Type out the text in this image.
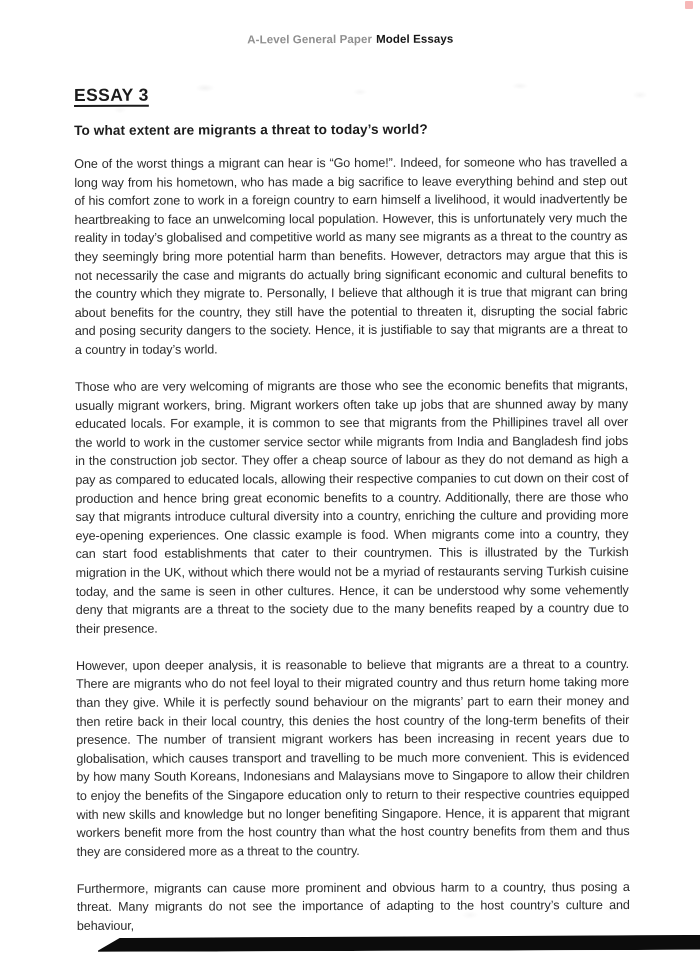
A-Level General Paper Model Essays
ESSAY 3
To what extent are migrants a threat to today’s world?

One of the worst things a migrant can hear is “Go home!”. Indeed, for someone who has travelled a long way from his hometown, who has made a big sacrifice to leave everything behind and step out of his comfort zone to work in a foreign country to earn himself a livelihood, it would inadvertently be heartbreaking to face an unwelcoming local population. However, this is unfortunately very much the reality in today’s globalised and competitive world as many see migrants as a threat to the country as they seemingly bring more potential harm than benefits. However, detractors may argue that this is not necessarily the case and migrants do actually bring significant economic and cultural benefits to the country which they migrate to. Personally, I believe that although it is true that migrant can bring about benefits for the country, they still have the potential to threaten it, disrupting the social fabric and posing security dangers to the society. Hence, it is justifiable to say that migrants are a threat to a country in today’s world.

Those who are very welcoming of migrants are those who see the economic benefits that migrants, usually migrant workers, bring. Migrant workers often take up jobs that are shunned away by many educated locals. For example, it is common to see that migrants from the Phillipines travel all over the world to work in the customer service sector while migrants from India and Bangladesh find jobs in the construction job sector. They offer a cheap source of labour as they do not demand as high a pay as compared to educated locals, allowing their respective companies to cut down on their cost of production and hence bring great economic benefits to a country. Additionally, there are those who say that migrants introduce cultural diversity into a country, enriching the culture and providing more eye-opening experiences. One classic example is food. When migrants come into a country, they can start food establishments that cater to their countrymen. This is illustrated by the Turkish migration in the UK, without which there would not be a myriad of restaurants serving Turkish cuisine today, and the same is seen in other cultures. Hence, it can be understood why some vehemently deny that migrants are a threat to the society due to the many benefits reaped by a country due to their presence.

However, upon deeper analysis, it is reasonable to believe that migrants are a threat to a country. There are migrants who do not feel loyal to their migrated country and thus return home taking more than they give. While it is perfectly sound behaviour on the migrants’ part to earn their money and then retire back in their local country, this denies the host country of the long-term benefits of their presence. The number of transient migrant workers has been increasing in recent years due to globalisation, which causes transport and travelling to be much more convenient. This is evidenced by how many South Koreans, Indonesians and Malaysians move to Singapore to allow their children to enjoy the benefits of the Singapore education only to return to their respective countries equipped with new skills and knowledge but no longer benefiting Singapore. Hence, it is apparent that migrant workers benefit more from the host country than what the host country benefits from them and thus they are considered more as a threat to the country.

Furthermore, migrants can cause more prominent and obvious harm to a country, thus posing a threat. Many migrants do not see the importance of adapting to the host country’s culture and behaviour,
